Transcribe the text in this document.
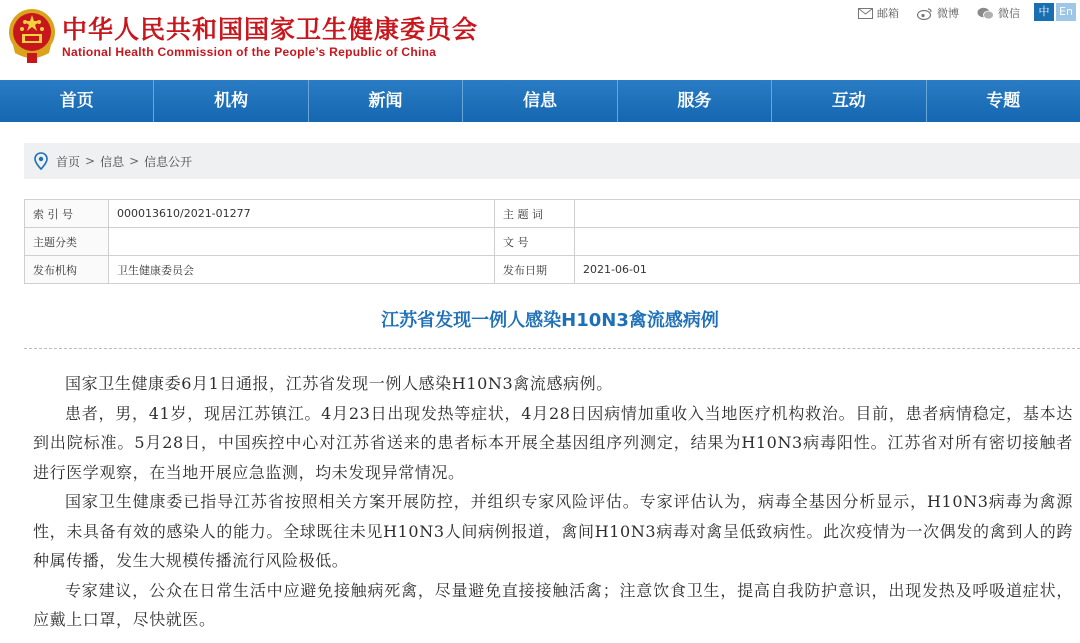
中华人民共和国国家卫生健康委员会
National Health Commission of the People’s Republic of China
邮箱	微博	微信	中 En
首页	机构	新闻	信息	服务	互动	专题
首页 > 信息 > 信息公开
索 引 号	000013610/2021-01277	主 题 词	
主题分类		文 号	
发布机构	卫生健康委员会	发布日期	2021-06-01
江苏省发现一例人感染H10N3禽流感病例

国家卫生健康委6月1日通报，江苏省发现一例人感染H10N3禽流感病例。

患者，男，41岁，现居江苏镇江。4月23日出现发热等症状，4月28日因病情加重收入当地医疗机构救治。目前，患者病情稳定，基本达到出院标准。5月28日，中国疾控中心对江苏省送来的患者标本开展全基因组序列测定，结果为H10N3病毒阳性。江苏省对所有密切接触者进行医学观察，在当地开展应急监测，均未发现异常情况。

国家卫生健康委已指导江苏省按照相关方案开展防控，并组织专家风险评估。专家评估认为，病毒全基因分析显示，H10N3病毒为禽源性，未具备有效的感染人的能力。全球既往未见H10N3人间病例报道，禽间H10N3病毒对禽呈低致病性。此次疫情为一次偶发的禽到人的跨种属传播，发生大规模传播流行风险极低。

专家建议，公众在日常生活中应避免接触病死禽，尽量避免直接接触活禽；注意饮食卫生，提高自我防护意识，出现发热及呼吸道症状，应戴上口罩，尽快就医。
